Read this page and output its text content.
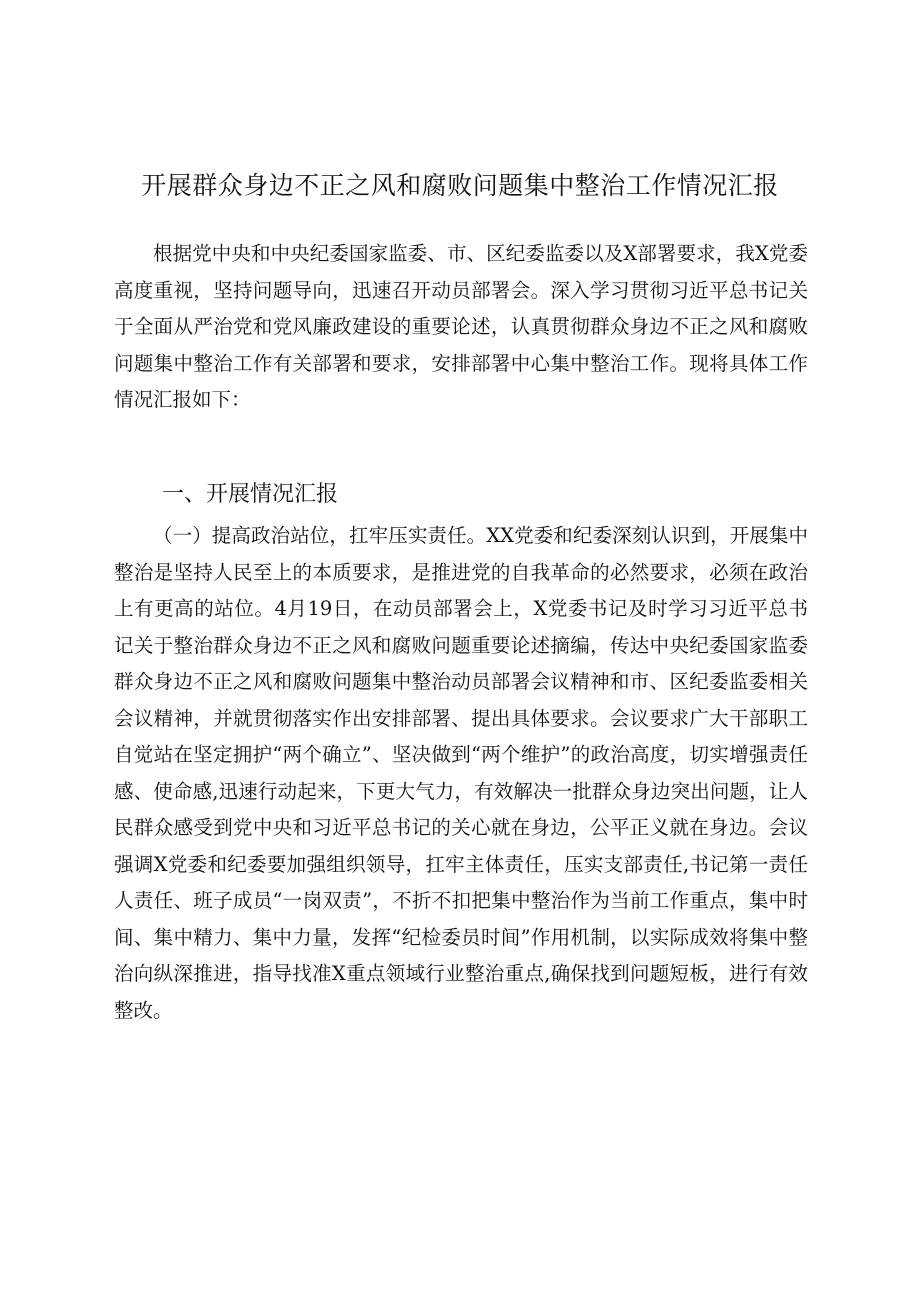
开展群众身边不正之风和腐败问题集中整治工作情况汇报

根据党中央和中央纪委国家监委、市、区纪委监委以及X部署要求，我X党委高度重视，坚持问题导向，迅速召开动员部署会。深入学习贯彻习近平总书记关于全面从严治党和党风廉政建设的重要论述，认真贯彻群众身边不正之风和腐败问题集中整治工作有关部署和要求，安排部署中心集中整治工作。现将具体工作情况汇报如下：

一、开展情况汇报

（一）提高政治站位，扛牢压实责任。XX党委和纪委深刻认识到，开展集中整治是坚持人民至上的本质要求，是推进党的自我革命的必然要求，必须在政治上有更高的站位。4月19日，在动员部署会上，X党委书记及时学习习近平总书记关于整治群众身边不正之风和腐败问题重要论述摘编，传达中央纪委国家监委群众身边不正之风和腐败问题集中整治动员部署会议精神和市、区纪委监委相关会议精神，并就贯彻落实作出安排部署、提出具体要求。会议要求广大干部职工自觉站在坚定拥护“两个确立”、坚决做到“两个维护”的政治高度，切实增强责任感、使命感,迅速行动起来，下更大气力，有效解决一批群众身边突出问题，让人民群众感受到党中央和习近平总书记的关心就在身边，公平正义就在身边。会议强调X党委和纪委要加强组织领导，扛牢主体责任，压实支部责任,书记第一责任人责任、班子成员“一岗双责”，不折不扣把集中整治作为当前工作重点，集中时间、集中精力、集中力量，发挥“纪检委员时间”作用机制，以实际成效将集中整治向纵深推进，指导找准X重点领域行业整治重点,确保找到问题短板，进行有效整改。
